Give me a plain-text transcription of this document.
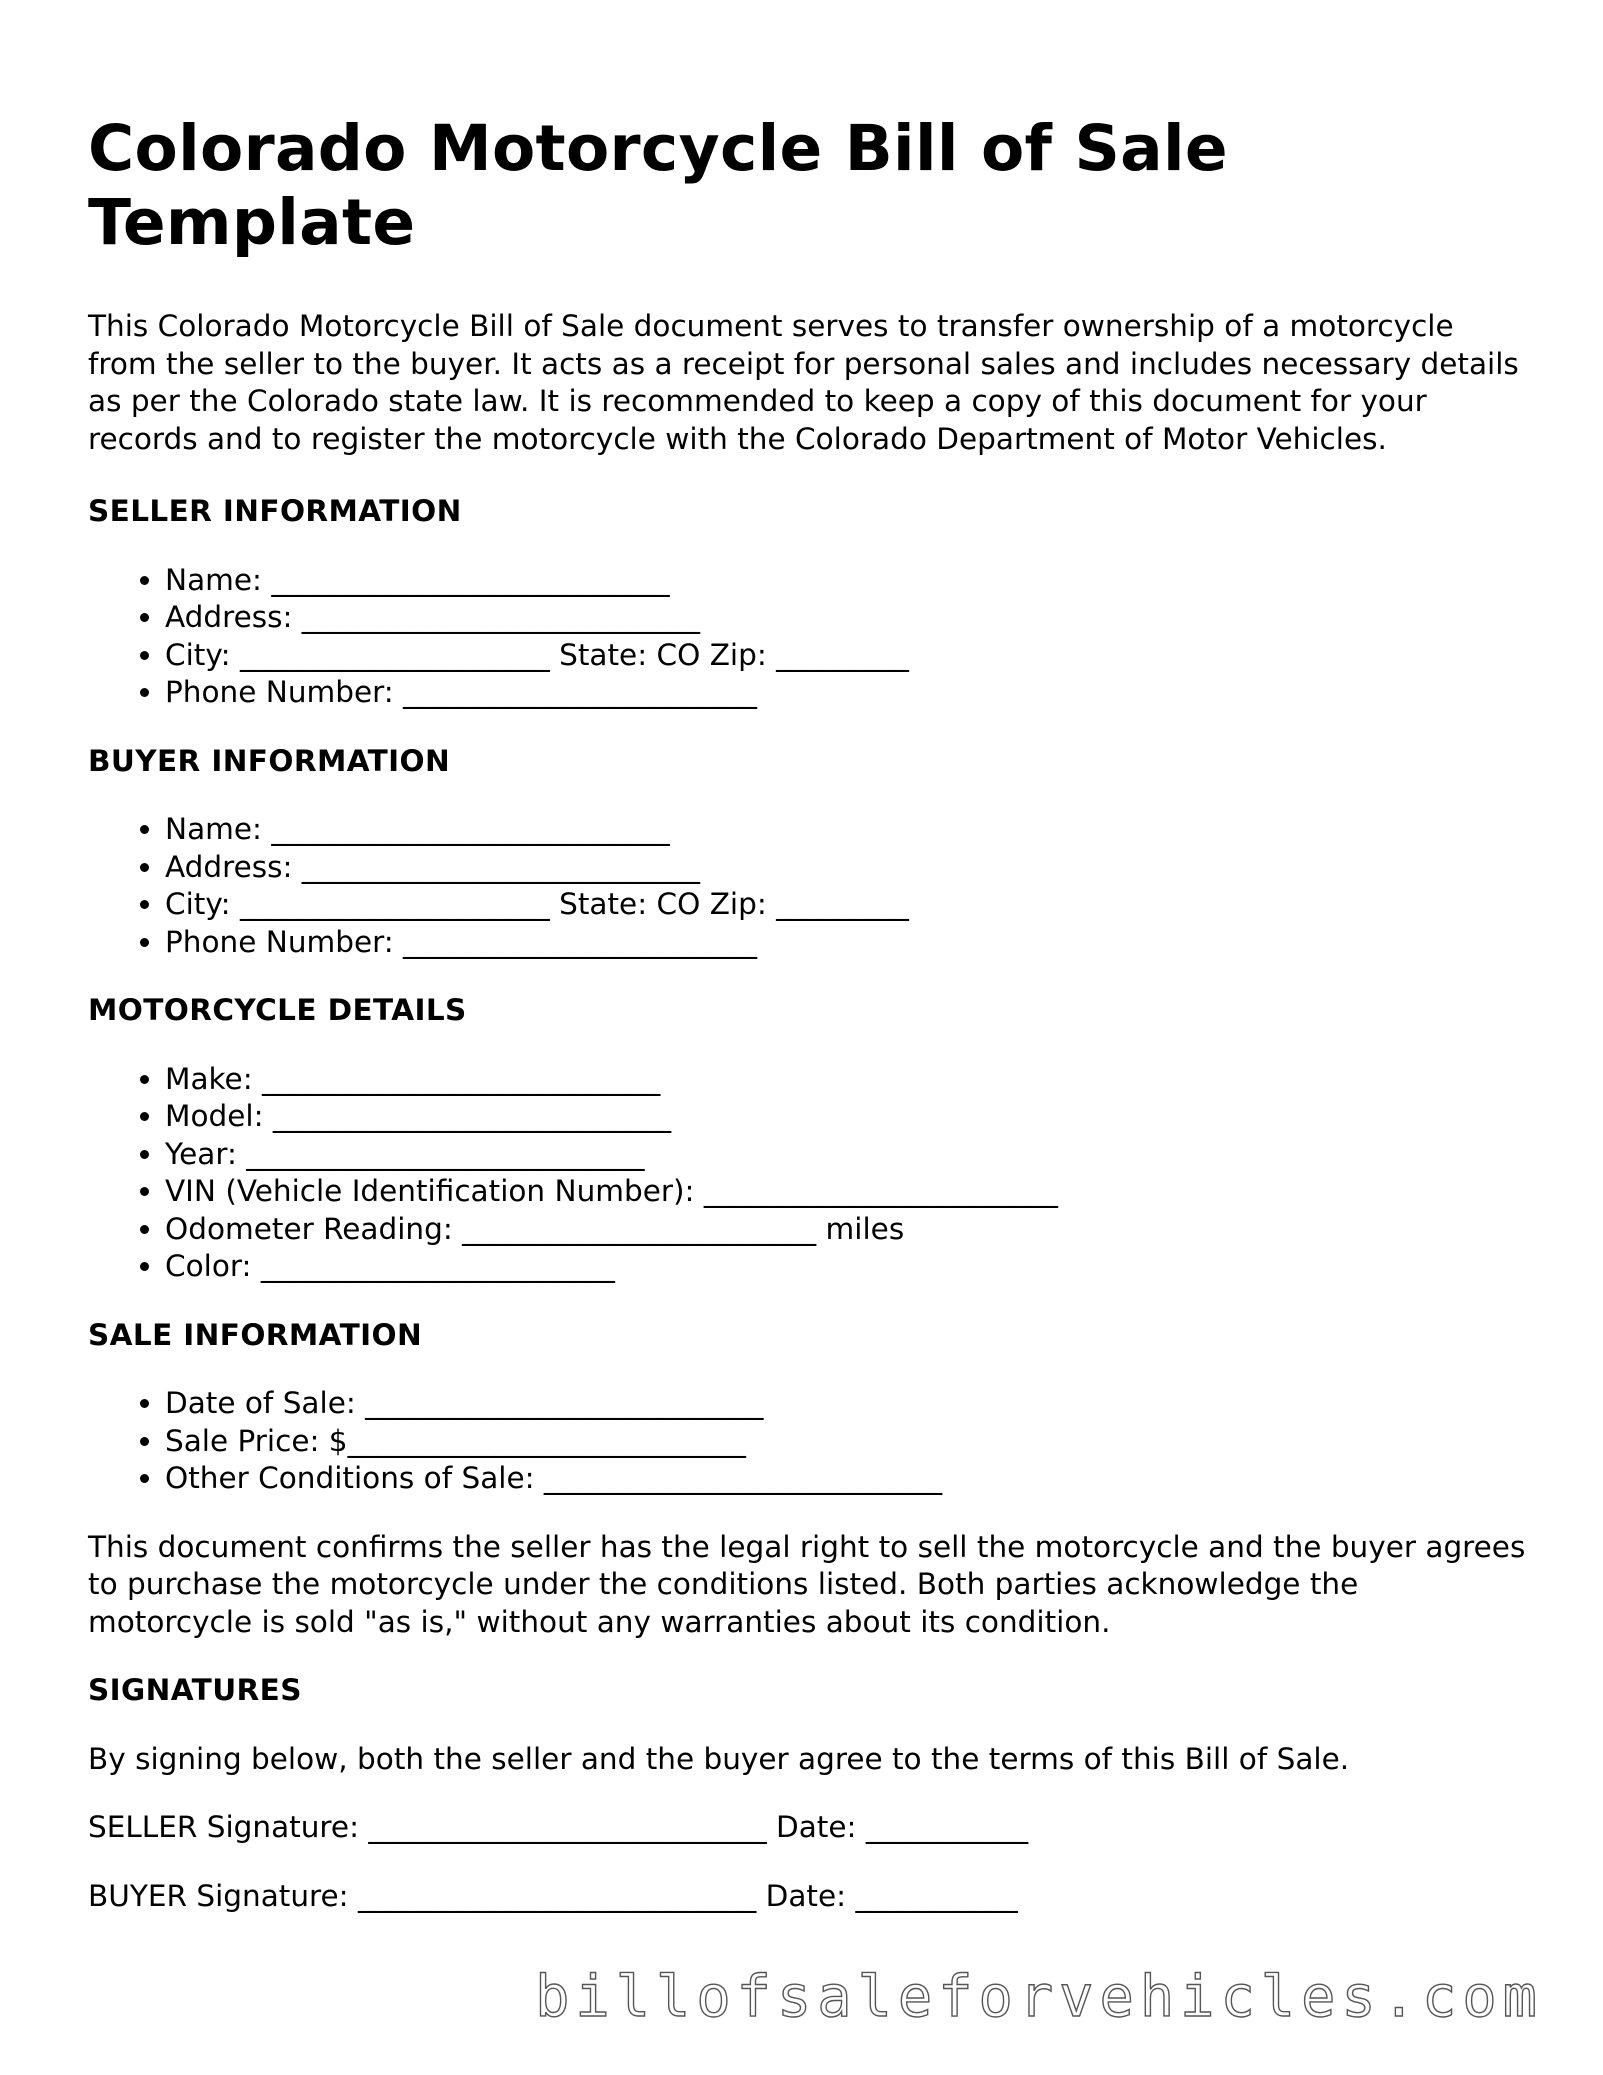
Colorado Motorcycle Bill of Sale Template

This Colorado Motorcycle Bill of Sale document serves to transfer ownership of a motorcycle from the seller to the buyer. It acts as a receipt for personal sales and includes necessary details as per the Colorado state law. It is recommended to keep a copy of this document for your records and to register the motorcycle with the Colorado Department of Motor Vehicles.

SELLER INFORMATION
• Name: ___________________________
• Address: ___________________________
• City: _____________________ State: CO Zip: _________
• Phone Number: ________________________
BUYER INFORMATION
• Name: ___________________________
• Address: ___________________________
• City: _____________________ State: CO Zip: _________
• Phone Number: ________________________
MOTORCYCLE DETAILS
• Make: ___________________________
• Model: ___________________________
• Year: ___________________________
• VIN (Vehicle Identification Number): ________________________
• Odometer Reading: ________________________ miles
• Color: ________________________
SALE INFORMATION
• Date of Sale: ___________________________
• Sale Price: $___________________________
• Other Conditions of Sale: ___________________________

This document confirms the seller has the legal right to sell the motorcycle and the buyer agrees to purchase the motorcycle under the conditions listed. Both parties acknowledge the motorcycle is sold "as is," without any warranties about its condition.

SIGNATURES

By signing below, both the seller and the buyer agree to the terms of this Bill of Sale.

SELLER Signature: ___________________________ Date: ___________

BUYER Signature: ___________________________ Date: ___________

billofsaleforvehicles.com
